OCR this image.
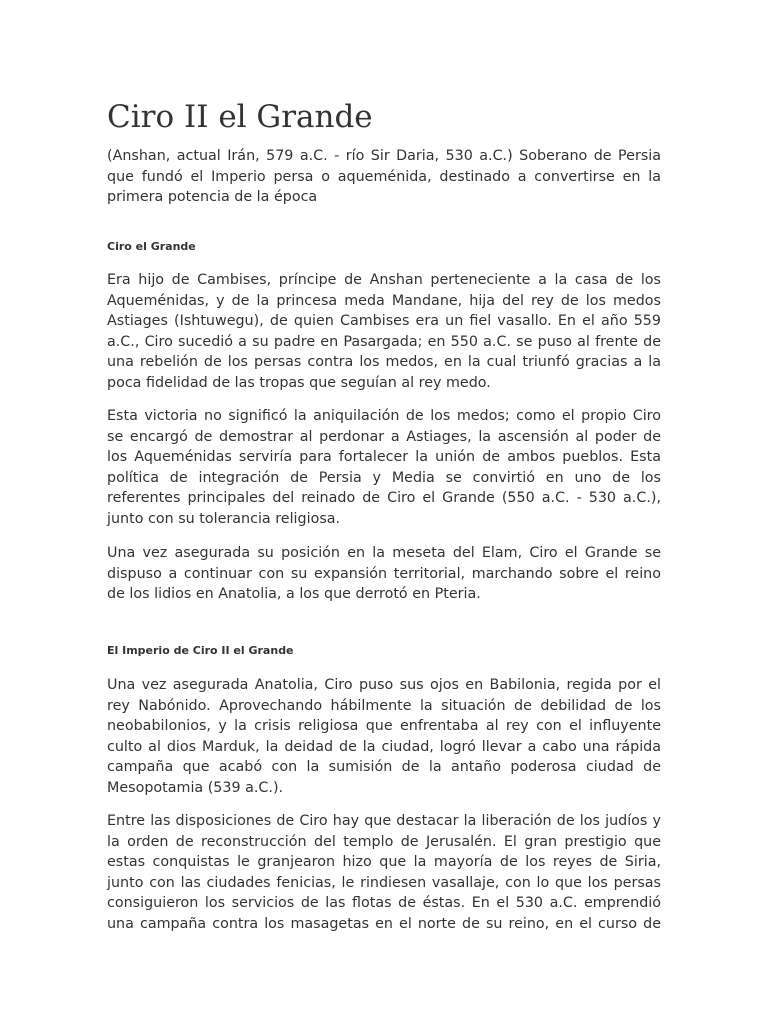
Ciro II el Grande

(Anshan, actual Irán, 579 a.C. - río Sir Daria, 530 a.C.) Soberano de Persia
que fundó el Imperio persa o aqueménida, destinado a convertirse en la
primera potencia de la época

Ciro el Grande

Era hijo de Cambises, príncipe de Anshan perteneciente a la casa de los
Aqueménidas, y de la princesa meda Mandane, hija del rey de los medos
Astiages (Ishtuwegu), de quien Cambises era un fiel vasallo. En el año 559
a.C., Ciro sucedió a su padre en Pasargada; en 550 a.C. se puso al frente de
una rebelión de los persas contra los medos, en la cual triunfó gracias a la
poca fidelidad de las tropas que seguían al rey medo.

Esta victoria no significó la aniquilación de los medos; como el propio Ciro
se encargó de demostrar al perdonar a Astiages, la ascensión al poder de
los Aqueménidas serviría para fortalecer la unión de ambos pueblos. Esta
política de integración de Persia y Media se convirtió en uno de los
referentes principales del reinado de Ciro el Grande (550 a.C. - 530 a.C.),
junto con su tolerancia religiosa.

Una vez asegurada su posición en la meseta del Elam, Ciro el Grande se
dispuso a continuar con su expansión territorial, marchando sobre el reino
de los lidios en Anatolia, a los que derrotó en Pteria.

El Imperio de Ciro II el Grande

Una vez asegurada Anatolia, Ciro puso sus ojos en Babilonia, regida por el
rey Nabónido. Aprovechando hábilmente la situación de debilidad de los
neobabilonios, y la crisis religiosa que enfrentaba al rey con el influyente
culto al dios Marduk, la deidad de la ciudad, logró llevar a cabo una rápida
campaña que acabó con la sumisión de la antaño poderosa ciudad de
Mesopotamia (539 a.C.).

Entre las disposiciones de Ciro hay que destacar la liberación de los judíos y
la orden de reconstrucción del templo de Jerusalén. El gran prestigio que
estas conquistas le granjearon hizo que la mayoría de los reyes de Siria,
junto con las ciudades fenicias, le rindiesen vasallaje, con lo que los persas
consiguieron los servicios de las flotas de éstas. En el 530 a.C. emprendió
una campaña contra los masagetas en el norte de su reino, en el curso de
